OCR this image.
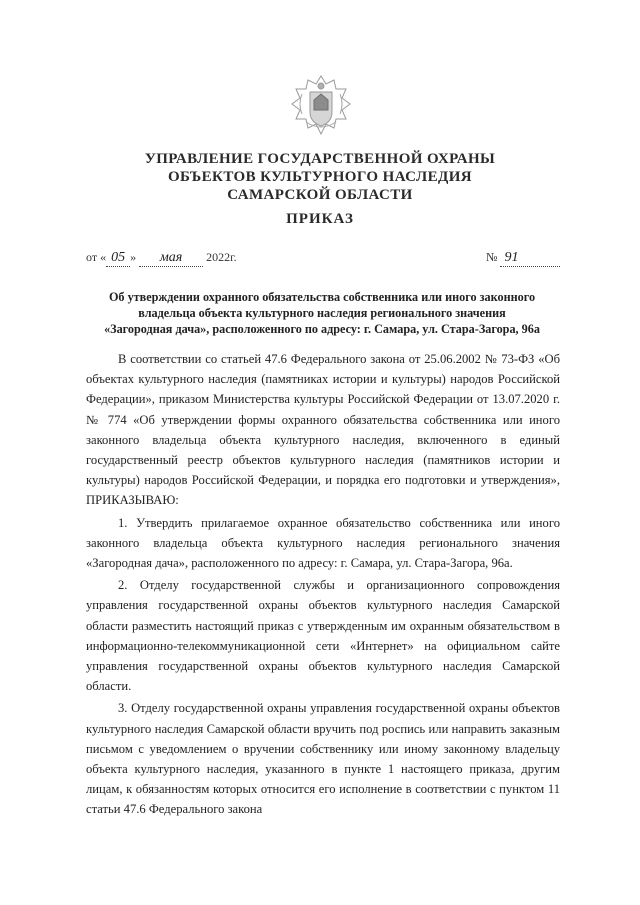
УПРАВЛЕНИЕ ГОСУДАРСТВЕННОЙ ОХРАНЫ
ОБЪЕКТОВ КУЛЬТУРНОГО НАСЛЕДИЯ
САМАРСКОЙ ОБЛАСТИ
ПРИКАЗ
от « 05 » мая 2022г.	№ 91
Об утверждении охранного обязательства собственника или иного законного
владельца объекта культурного наследия регионального значения
«Загородная дача», расположенного по адресу: г. Самара, ул. Стара-Загора, 96а

В соответствии со статьей 47.6 Федерального закона от 25.06.2002 № 73-ФЗ «Об объектах культурного наследия (памятниках истории и культуры) народов Российской Федерации», приказом Министерства культуры Российской Федерации от 13.07.2020 г. № 774 «Об утверждении формы охранного обязательства собственника или иного законного владельца объекта культурного наследия, включенного в единый государственный реестр объектов культурного наследия (памятников истории и культуры) народов Российской Федерации, и порядка его подготовки и утверждения», ПРИКАЗЫВАЮ:

1. Утвердить прилагаемое охранное обязательство собственника или иного законного владельца объекта культурного наследия регионального значения «Загородная дача», расположенного по адресу: г. Самара, ул. Стара-Загора, 96а.

2. Отделу государственной службы и организационного сопровождения управления государственной охраны объектов культурного наследия Самарской области разместить настоящий приказ с утвержденным им охранным обязательством в информационно-телекоммуникационной сети «Интернет» на официальном сайте управления государственной охраны объектов культурного наследия Самарской области.

3. Отделу государственной охраны управления государственной охраны объектов культурного наследия Самарской области вручить под роспись или направить заказным письмом с уведомлением о вручении собственнику или иному законному владельцу объекта культурного наследия, указанного в пункте 1 настоящего приказа, другим лицам, к обязанностям которых относится его исполнение в соответствии с пунктом 11 статьи 47.6 Федерального закона
